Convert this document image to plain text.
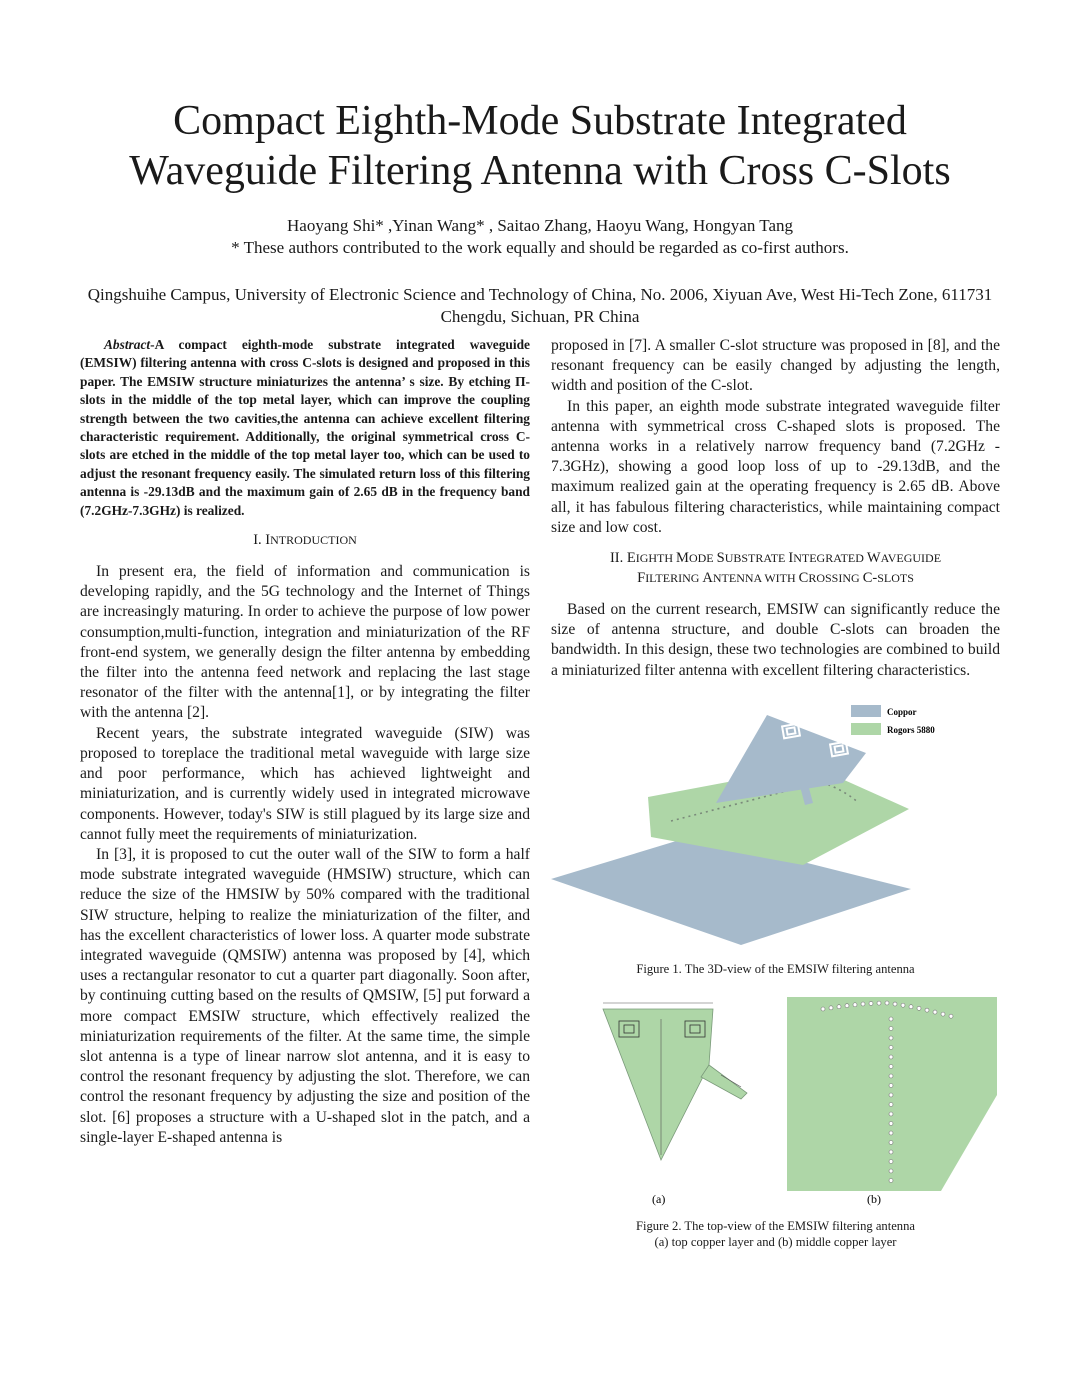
Compact Eighth-Mode Substrate Integrated
Waveguide Filtering Antenna with Cross C-Slots
Haoyang Shi* ,Yinan Wang* , Saitao Zhang, Haoyu Wang, Hongyan Tang
* These authors contributed to the work equally and should be regarded as co-first authors.
Qingshuihe Campus, University of Electronic Science and Technology of China, No. 2006, Xiyuan Ave, West Hi-Tech Zone, 611731 Chengdu, Sichuan, PR China

Abstract-A compact eighth-mode substrate integrated waveguide (EMSIW) filtering antenna with cross C-slots is designed and proposed in this paper. The EMSIW structure miniaturizes the antenna’ s size. By etching Π-slots in the middle of the top metal layer, which can improve the coupling strength between the two cavities,the antenna can achieve excellent filtering characteristic requirement. Additionally, the original symmetrical cross C-slots are etched in the middle of the top metal layer too, which can be used to adjust the resonant frequency easily. The simulated return loss of this filtering antenna is -29.13dB and the maximum gain of 2.65 dB in the frequency band (7.2GHz-7.3GHz) is realized.

I. INTRODUCTION

In present era, the field of information and communication is developing rapidly, and the 5G technology and the Internet of Things are increasingly maturing. In order to achieve the purpose of low power consumption,multi-function, integration and miniaturization of the RF front-end system, we generally design the filter antenna by embedding the filter into the antenna feed network and replacing the last stage resonator of the filter with the antenna[1], or by integrating the filter with the antenna [2].

Recent years, the substrate integrated waveguide (SIW) was proposed to toreplace the traditional metal waveguide with large size and poor performance, which has achieved lightweight and miniaturization, and is currently widely used in integrated microwave components. However, today's SIW is still plagued by its large size and cannot fully meet the requirements of miniaturization.

In [3], it is proposed to cut the outer wall of the SIW to form a half mode substrate integrated waveguide (HMSIW) structure, which can reduce the size of the HMSIW by 50% compared with the traditional SIW structure, helping to realize the miniaturization of the filter, and has the excellent characteristics of lower loss. A quarter mode substrate integrated waveguide (QMSIW) antenna was proposed by [4], which uses a rectangular resonator to cut a quarter part diagonally. Soon after, by continuing cutting based on the results of QMSIW, [5] put forward a more compact EMSIW structure, which effectively realized the miniaturization requirements of the filter. At the same time, the simple slot antenna is a type of linear narrow slot antenna, and it is easy to control the resonant frequency by adjusting the slot. Therefore, we can control the resonant frequency by adjusting the size and position of the slot. [6] proposes a structure with a U-shaped slot in the patch, and a single-layer E-shaped antenna is

proposed in [7]. A smaller C-slot structure was proposed in [8], and the resonant frequency can be easily changed by adjusting the length, width and position of the C-slot.

In this paper, an eighth mode substrate integrated waveguide filter antenna with symmetrical cross C-shaped slots is proposed. The antenna works in a relatively narrow frequency band (7.2GHz - 7.3GHz), showing a good loop loss of up to -29.13dB, and the maximum realized gain at the operating frequency is 2.65 dB. Above all, it has fabulous filtering characteristics, while maintaining compact size and low cost.

II. EIGHTH MODE SUBSTRATE INTEGRATED WAVEGUIDE
FILTERING ANTENNA WITH CROSSING C-SLOTS

Based on the current research, EMSIW can significantly reduce the size of antenna structure, and double C-slots can broaden the bandwidth. In this design, these two technologies are combined to build a miniaturized filter antenna with excellent filtering characteristics.

Coppor
Rogors 5880

Figure 1. The 3D-view of the EMSIW filtering antenna

(a)	(b)

Figure 2. The top-view of the EMSIW filtering antenna

(a) top copper layer and (b) middle copper layer
